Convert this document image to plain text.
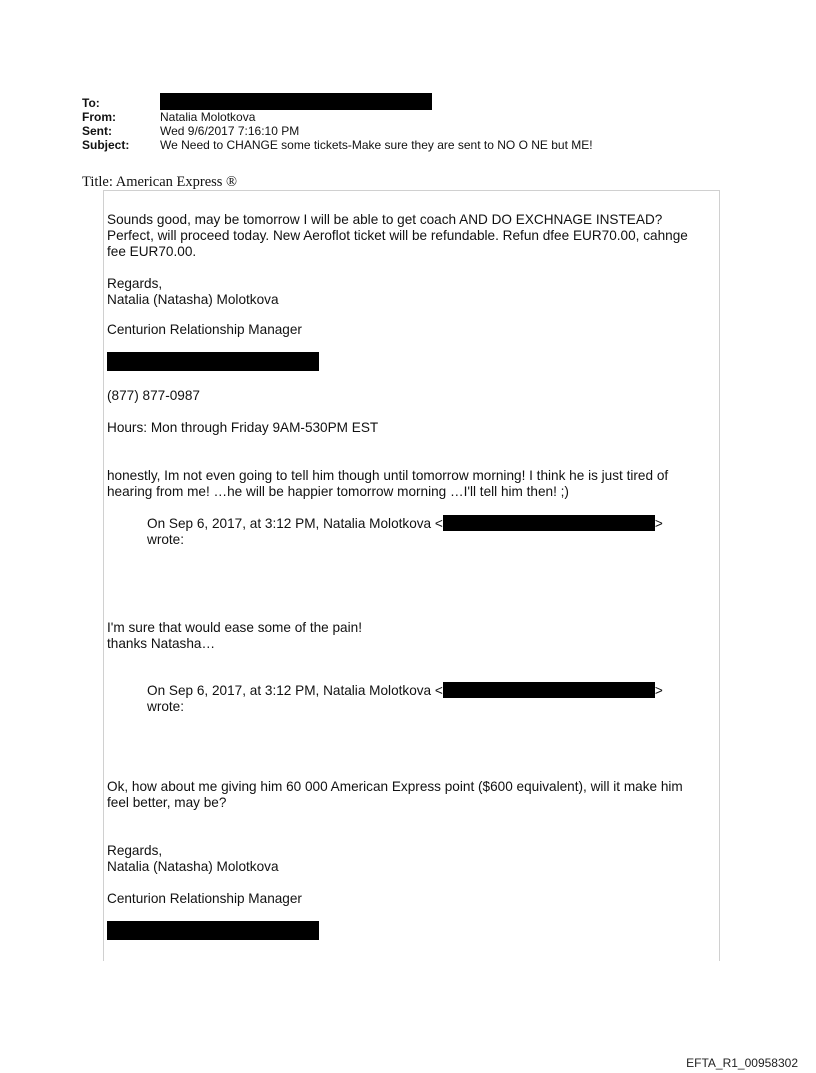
To:
From:	Natalia Molotkova
Sent:	Wed 9/6/2017 7:16:10 PM
Subject:	We Need to CHANGE some tickets-Make sure they are sent to NO O NE but ME!
Title: American Express ®

Sounds good, may be tomorrow I will be able to get coach AND DO EXCHNAGE INSTEAD?

Perfect, will proceed today. New Aeroflot ticket will be refundable. Refun dfee EUR70.00, cahnge

fee EUR70.00.

Regards,

Natalia (Natasha) Molotkova

Centurion Relationship Manager

(877) 877-0987

Hours: Mon through Friday 9AM-530PM EST

honestly, Im not even going to tell him though until tomorrow morning! I think he is just tired of

hearing from me! …he will be happier tomorrow morning …I'll tell him then! ;)

On Sep 6, 2017, at 3:12 PM, Natalia Molotkova <	>

wrote:

I'm sure that would ease some of the pain!

thanks Natasha…

On Sep 6, 2017, at 3:12 PM, Natalia Molotkova <	>

wrote:

Ok, how about me giving him 60 000 American Express point ($600 equivalent), will it make him

feel better, may be?

Regards,

Natalia (Natasha) Molotkova

Centurion Relationship Manager

EFTA_R1_00958302
